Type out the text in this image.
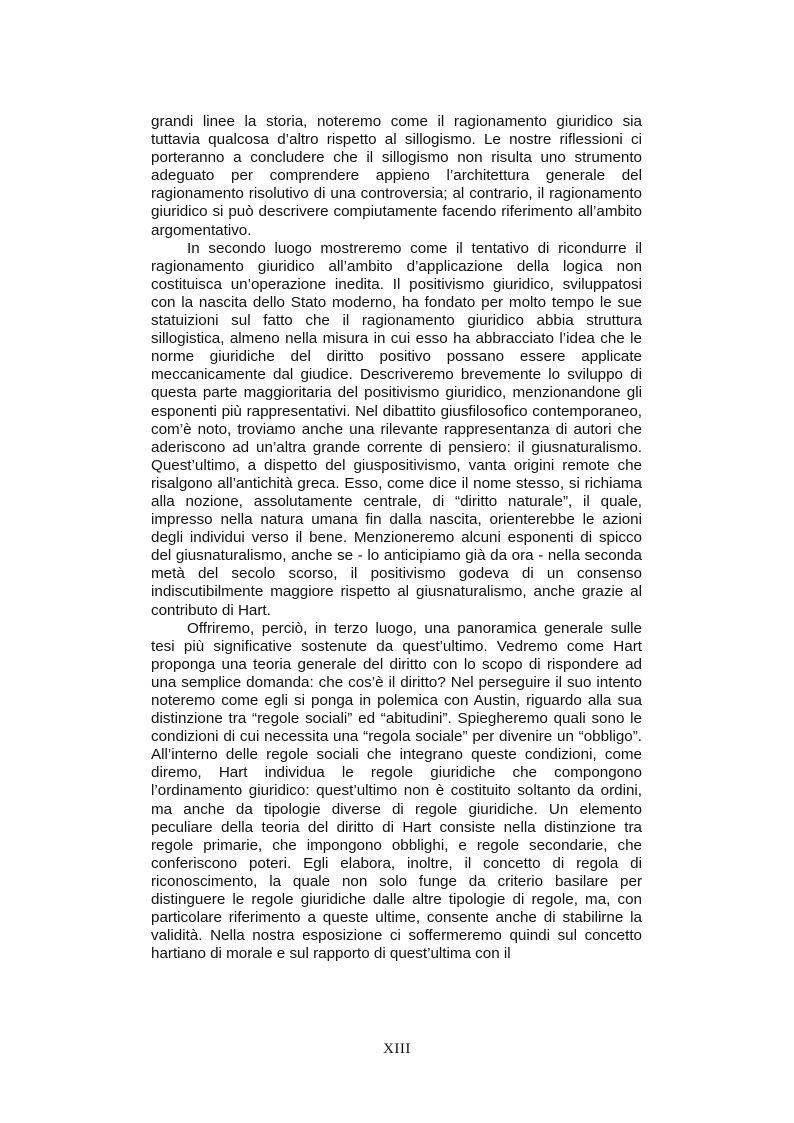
grandi linee la storia, noteremo come il ragionamento giuridico sia tuttavia qualcosa d’altro rispetto al sillogismo. Le nostre riflessioni ci porteranno a concludere che il sillogismo non risulta uno strumento adeguato per comprendere appieno l’architettura generale del ragionamento risolutivo di una controversia; al contrario, il ragionamento giuridico si può descrivere compiutamente facendo riferimento all’ambito argomentativo.

In secondo luogo mostreremo come il tentativo di ricondurre il ragionamento giuridico all’ambito d’applicazione della logica non costituisca un’operazione inedita. Il positivismo giuridico, sviluppatosi con la nascita dello Stato moderno, ha fondato per molto tempo le sue statuizioni sul fatto che il ragionamento giuridico abbia struttura sillogistica, almeno nella misura in cui esso ha abbracciato l’idea che le norme giuridiche del diritto positivo possano essere applicate meccanicamente dal giudice. Descriveremo brevemente lo sviluppo di questa parte maggioritaria del positivismo giuridico, menzionandone gli esponenti più rappresentativi. Nel dibattito giusfilosofico contemporaneo, com’è noto, troviamo anche una rilevante rappresentanza di autori che aderiscono ad un’altra grande corrente di pensiero: il giusnaturalismo. Quest’ultimo, a dispetto del giuspositivismo, vanta origini remote che risalgono all’antichità greca. Esso, come dice il nome stesso, si richiama alla nozione, assolutamente centrale, di “diritto naturale”, il quale, impresso nella natura umana fin dalla nascita, orienterebbe le azioni degli individui verso il bene. Menzioneremo alcuni esponenti di spicco del giusnaturalismo, anche se - lo anticipiamo già da ora - nella seconda metà del secolo scorso, il positivismo godeva di un consenso indiscutibilmente maggiore rispetto al giusnaturalismo, anche grazie al contributo di Hart.

Offriremo, perciò, in terzo luogo, una panoramica generale sulle tesi più significative sostenute da quest’ultimo. Vedremo come Hart proponga una teoria generale del diritto con lo scopo di rispondere ad una semplice domanda: che cos’è il diritto? Nel perseguire il suo intento noteremo come egli si ponga in polemica con Austin, riguardo alla sua distinzione tra “regole sociali” ed “abitudini”. Spiegheremo quali sono le condizioni di cui necessita una “regola sociale” per divenire un “obbligo”. All’interno delle regole sociali che integrano queste condizioni, come diremo, Hart individua le regole giuridiche che compongono l’ordinamento giuridico: quest’ultimo non è costituito soltanto da ordini, ma anche da tipologie diverse di regole giuridiche. Un elemento peculiare della teoria del diritto di Hart consiste nella distinzione tra regole primarie, che impongono obblighi, e regole secondarie, che conferiscono poteri. Egli elabora, inoltre, il concetto di regola di riconoscimento, la quale non solo funge da criterio basilare per distinguere le regole giuridiche dalle altre tipologie di regole, ma, con particolare riferimento a queste ultime, consente anche di stabilirne la validità. Nella nostra esposizione ci soffermeremo quindi sul concetto hartiano di morale e sul rapporto di quest’ultima con il

XIII
